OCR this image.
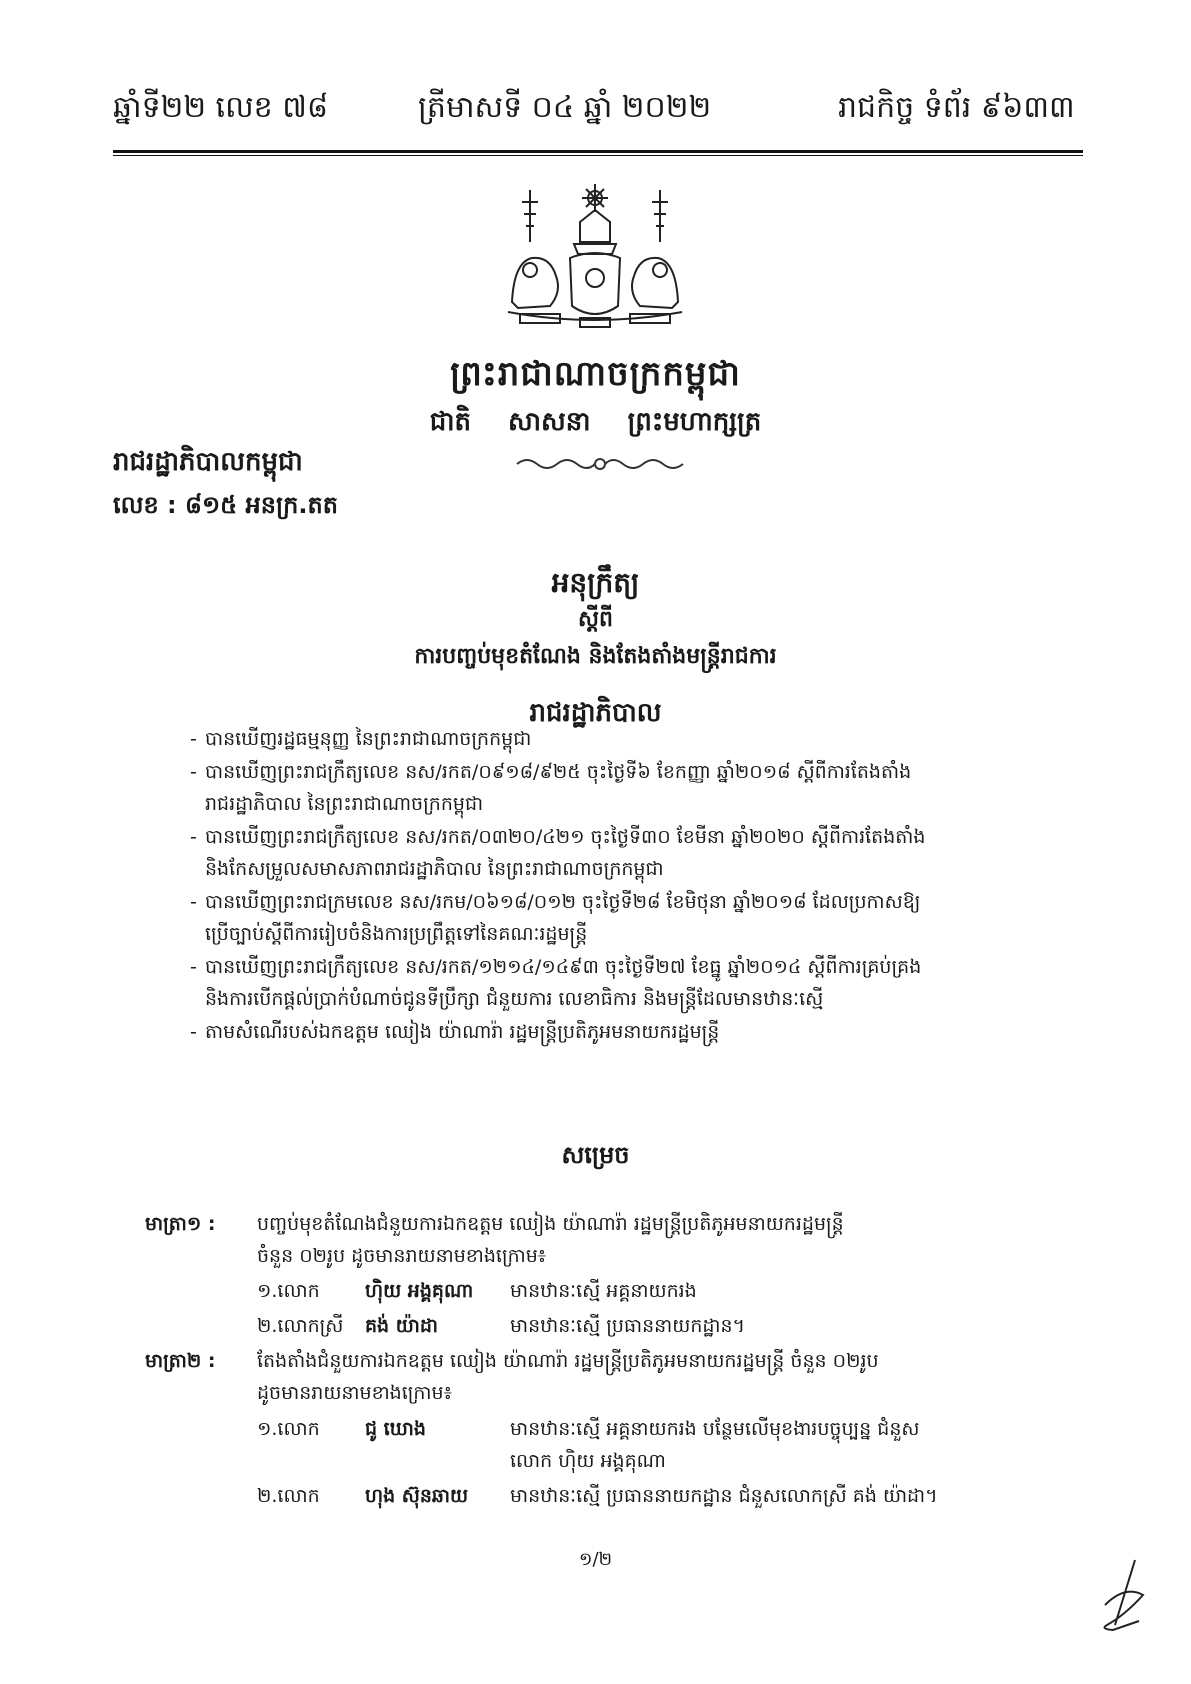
ឆ្នាំទី២២ លេខ ៧៨	ត្រីមាសទី ០៤ ឆ្នាំ ២០២២	រាជកិច្ច ទំព័រ ៩៦៣៣
ព្រះរាជាណាចក្រកម្ពុជា
ជាតិ សាសនា ព្រះមហាក្សត្រ
រាជរដ្ឋាភិបាលកម្ពុជា
លេខ : ៨១៥ អនក្រ.តត
អនុក្រឹត្យ
ស្តីពី
ការបញ្ចប់មុខតំណែង និងតែងតាំងមន្ត្រីរាជការ
រាជរដ្ឋាភិបាល
- បានឃើញរដ្ឋធម្មនុញ្ញ នៃព្រះរាជាណាចក្រកម្ពុជា
- បានឃើញព្រះរាជក្រឹត្យលេខ នស/រកត/០៩១៨/៩២៥ ចុះថ្ងៃទី៦ ខែកញ្ញា ឆ្នាំ២០១៨ ស្តីពីការតែងតាំង
រាជរដ្ឋាភិបាល នៃព្រះរាជាណាចក្រកម្ពុជា
- បានឃើញព្រះរាជក្រឹត្យលេខ នស/រកត/០៣២០/៤២១ ចុះថ្ងៃទី៣០ ខែមីនា ឆ្នាំ២០២០ ស្តីពីការតែងតាំង
និងកែសម្រួលសមាសភាពរាជរដ្ឋាភិបាល នៃព្រះរាជាណាចក្រកម្ពុជា
- បានឃើញព្រះរាជក្រមលេខ នស/រកម/០៦១៨/០១២ ចុះថ្ងៃទី២៨ ខែមិថុនា ឆ្នាំ២០១៨ ដែលប្រកាសឱ្យ
ប្រើច្បាប់ស្តីពីការរៀបចំនិងការប្រព្រឹត្តទៅនៃគណៈរដ្ឋមន្ត្រី
- បានឃើញព្រះរាជក្រឹត្យលេខ នស/រកត/១២១៤/១៤៩៣ ចុះថ្ងៃទី២៧ ខែធ្នូ ឆ្នាំ២០១៤ ស្តីពីការគ្រប់គ្រង
និងការបើកផ្តល់ប្រាក់បំណាច់ជូនទីប្រឹក្សា ជំនួយការ លេខាធិការ និងមន្ត្រីដែលមានឋានៈស្មើ
- តាមសំណើរបស់ឯកឧត្តម ឈៀង យ៉ាណារ៉ា រដ្ឋមន្ត្រីប្រតិភូអមនាយករដ្ឋមន្ត្រី
សម្រេច
មាត្រា១ : បញ្ចប់មុខតំណែងជំនួយការឯកឧត្តម ឈៀង យ៉ាណារ៉ា រដ្ឋមន្ត្រីប្រតិភូអមនាយករដ្ឋមន្ត្រី
ចំនួន ០២រូប ដូចមានរាយនាមខាងក្រោម៖
១.លោក ហ៊ិយ អង្គគុណា មានឋានៈស្មើ អគ្គនាយករង
២.លោកស្រី គង់ យ៉ាដា	មានឋានៈស្មើ ប្រធាននាយកដ្ឋាន។
មាត្រា២ : តែងតាំងជំនួយការឯកឧត្តម ឈៀង យ៉ាណារ៉ា រដ្ឋមន្ត្រីប្រតិភូអមនាយករដ្ឋមន្ត្រី ចំនួន ០២រូប
ដូចមានរាយនាមខាងក្រោម៖
១.លោក ជូ ឃោង	មានឋានៈស្មើ អគ្គនាយករង បន្ថែមលើមុខងារបច្ចុប្បន្ន ជំនួស
លោក ហ៊ិយ អង្គគុណា
២.លោក ហុង ស៊ុនឆាយ មានឋានៈស្មើ ប្រធាននាយកដ្ឋាន ជំនួសលោកស្រី គង់ យ៉ាដា។
១/២
